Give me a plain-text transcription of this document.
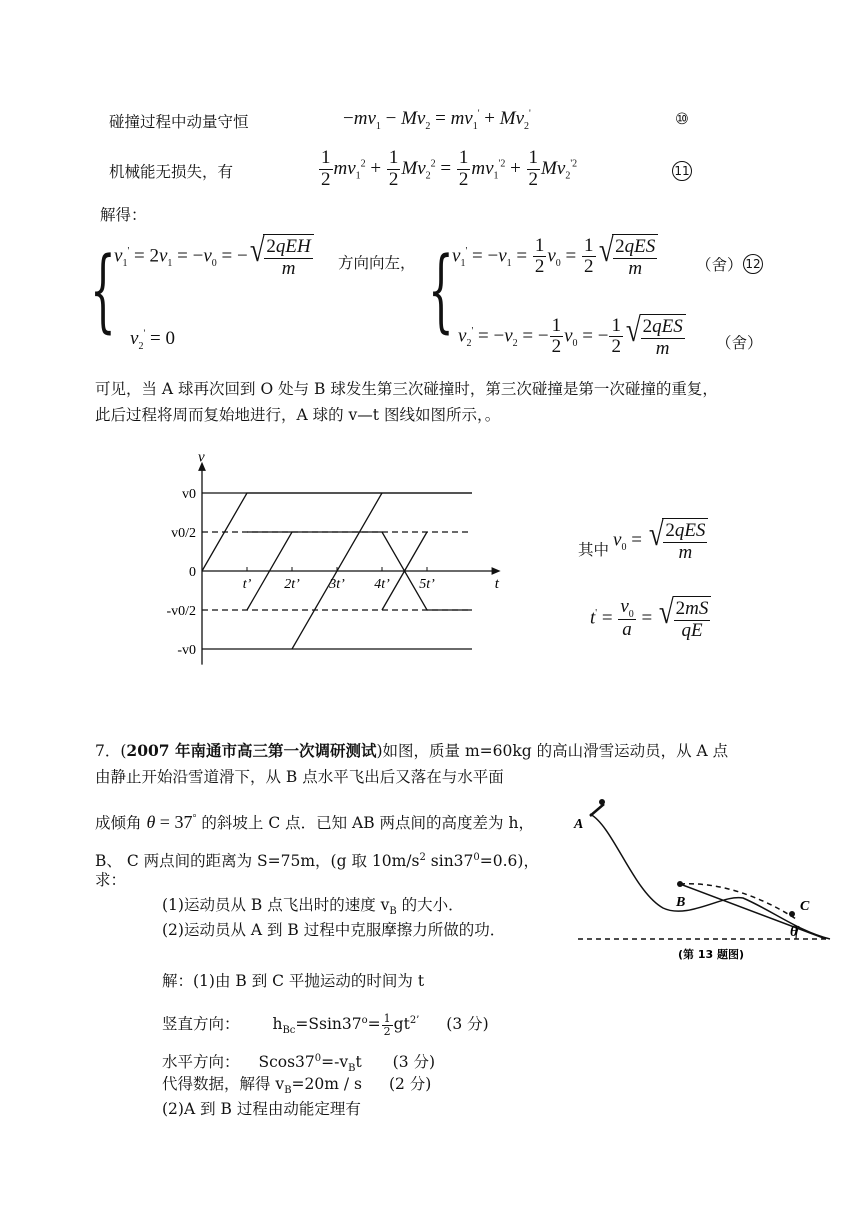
碰撞过程中动量守恒	$-mv_1 - Mv_2 = mv_1' + Mv_2'$	⑩
机械能无损失，有	$\frac{1}{2} mv_1^2 + \frac{1}{2} Mv_2^2 = \frac{1}{2} mv_1^{'2} + \frac{1}{2} Mv_2^{'2}$
11
解得：
{
$v_1' = 2v_1 = -v_0$ = − √ $\frac{\text{2qEH}}{m}$ 方向向左，
$v_2' = 0$	{
$v_1' = -v_1 = \frac{1}{2} v_0 = \frac{1}{2}$ √ $\frac{\text{2qES}}{m}$ （舍） 12
$v_2' = -v_2$ = − $\frac{1}{2} v_0$ = − $\frac{1}{2}$ √ $\frac{\text{2qES}}{m}$ （舍）
可见，当 A 球再次回到 O 处与 B 球发生第三次碰撞时，第三次碰撞是第一次碰撞的重复，
此后过程将周而复始地进行，A 球的 v—t 图线如图所示，。
v0
v0/2
0
-v0/2
-v0
t’ 2t’ 3t’ 4t’ 5t’
v
t
其中 $v_0$ = √ $\frac{\text{2qES}}{m}$
$t' = \frac{v_0}{a}$ = √ $\frac{2mS}{qE}$
7．(2007 年南通市高三第一次调研测试)如图，质量 m=60kg 的高山滑雪运动员，从 A 点
由静止开始沿雪道滑下，从 B 点水平飞出后又落在与水平面
成倾角 θ = 37° 的斜坡上 C 点．已知 AB 两点间的高度差为 h，
B、 C 两点间的距离为 S=75m，(g 取 $10m/s^2$ $\sin 37^0=0.6$)，
求：
(1)运动员从 B 点飞出时的速度 $v_B$ 的大小．
(2)运动员从 A 到 B 过程中克服摩擦力所做的功．
解：(1)由 B 到 C 平抛运动的时间为 t
竖直方向： $h_{Bc}=Ssin37^o= \frac{1}{2} gt^{2’}$ (3 分)
水平方向： $Scos37^0=-v_Bt$ (3 分)
代得数据，解得 $v_B=20m / s$ (2 分)
(2)A 到 B 过程由动能定理有
A
B	C
θ
(第 13 题图)
